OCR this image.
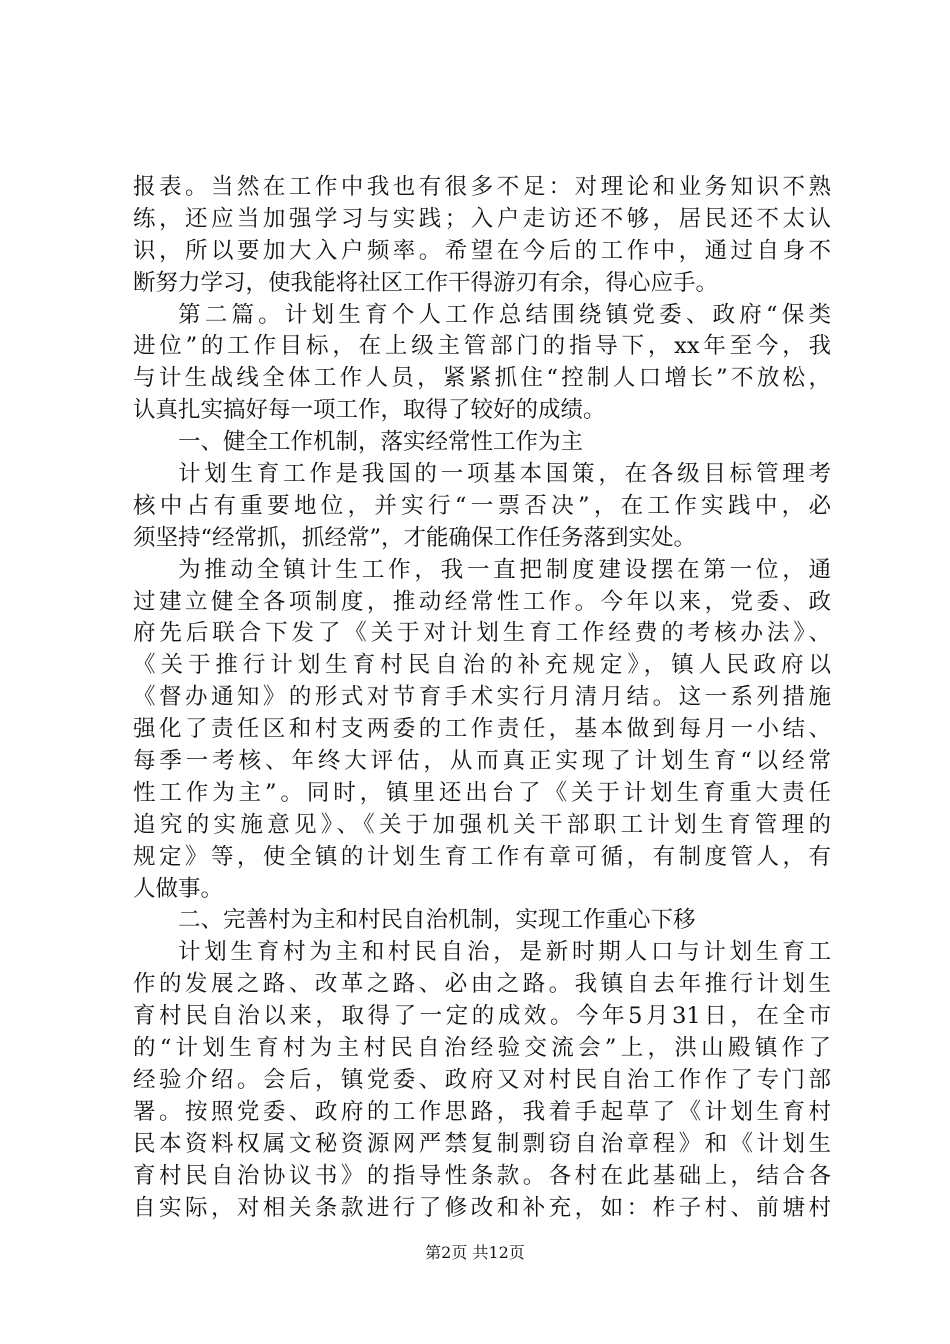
报表。当然在工作中我也有很多不足：对理论和业务知识不熟
练，还应当加强学习与实践；入户走访还不够，居民还不太认
识，所以要加大入户频率。希望在今后的工作中，通过自身不
断努力学习，使我能将社区工作干得游刃有余，得心应手。
第二篇。计划生育个人工作总结围绕镇党委、政府“保类
进位”的工作目标，在上级主管部门的指导下，xx年至今，我
与计生战线全体工作人员，紧紧抓住“控制人口增长”不放松，
认真扎实搞好每一项工作，取得了较好的成绩。
一、健全工作机制，落实经常性工作为主
计划生育工作是我国的一项基本国策，在各级目标管理考
核中占有重要地位，并实行“一票否决”，在工作实践中，必
须坚持“经常抓，抓经常”，才能确保工作任务落到实处。
为推动全镇计生工作，我一直把制度建设摆在第一位，通
过建立健全各项制度，推动经常性工作。今年以来，党委、政
府先后联合下发了《关于对计划生育工作经费的考核办法》、
《关于推行计划生育村民自治的补充规定》，镇人民政府以
《督办通知》的形式对节育手术实行月清月结。这一系列措施
强化了责任区和村支两委的工作责任，基本做到每月一小结、
每季一考核、年终大评估，从而真正实现了计划生育“以经常
性工作为主”。同时，镇里还出台了《关于计划生育重大责任
追究的实施意见》、《关于加强机关干部职工计划生育管理的
规定》等，使全镇的计划生育工作有章可循，有制度管人，有
人做事。
二、完善村为主和村民自治机制，实现工作重心下移
计划生育村为主和村民自治，是新时期人口与计划生育工
作的发展之路、改革之路、必由之路。我镇自去年推行计划生
育村民自治以来，取得了一定的成效。今年5月31日，在全市
的“计划生育村为主村民自治经验交流会”上，洪山殿镇作了
经验介绍。会后，镇党委、政府又对村民自治工作作了专门部
署。按照党委、政府的工作思路，我着手起草了《计划生育村
民本资料权属文秘资源网严禁复制剽窃自治章程》和《计划生
育村民自治协议书》的指导性条款。各村在此基础上，结合各
自实际，对相关条款进行了修改和补充，如：柞子村、前塘村
第2页 共12页
